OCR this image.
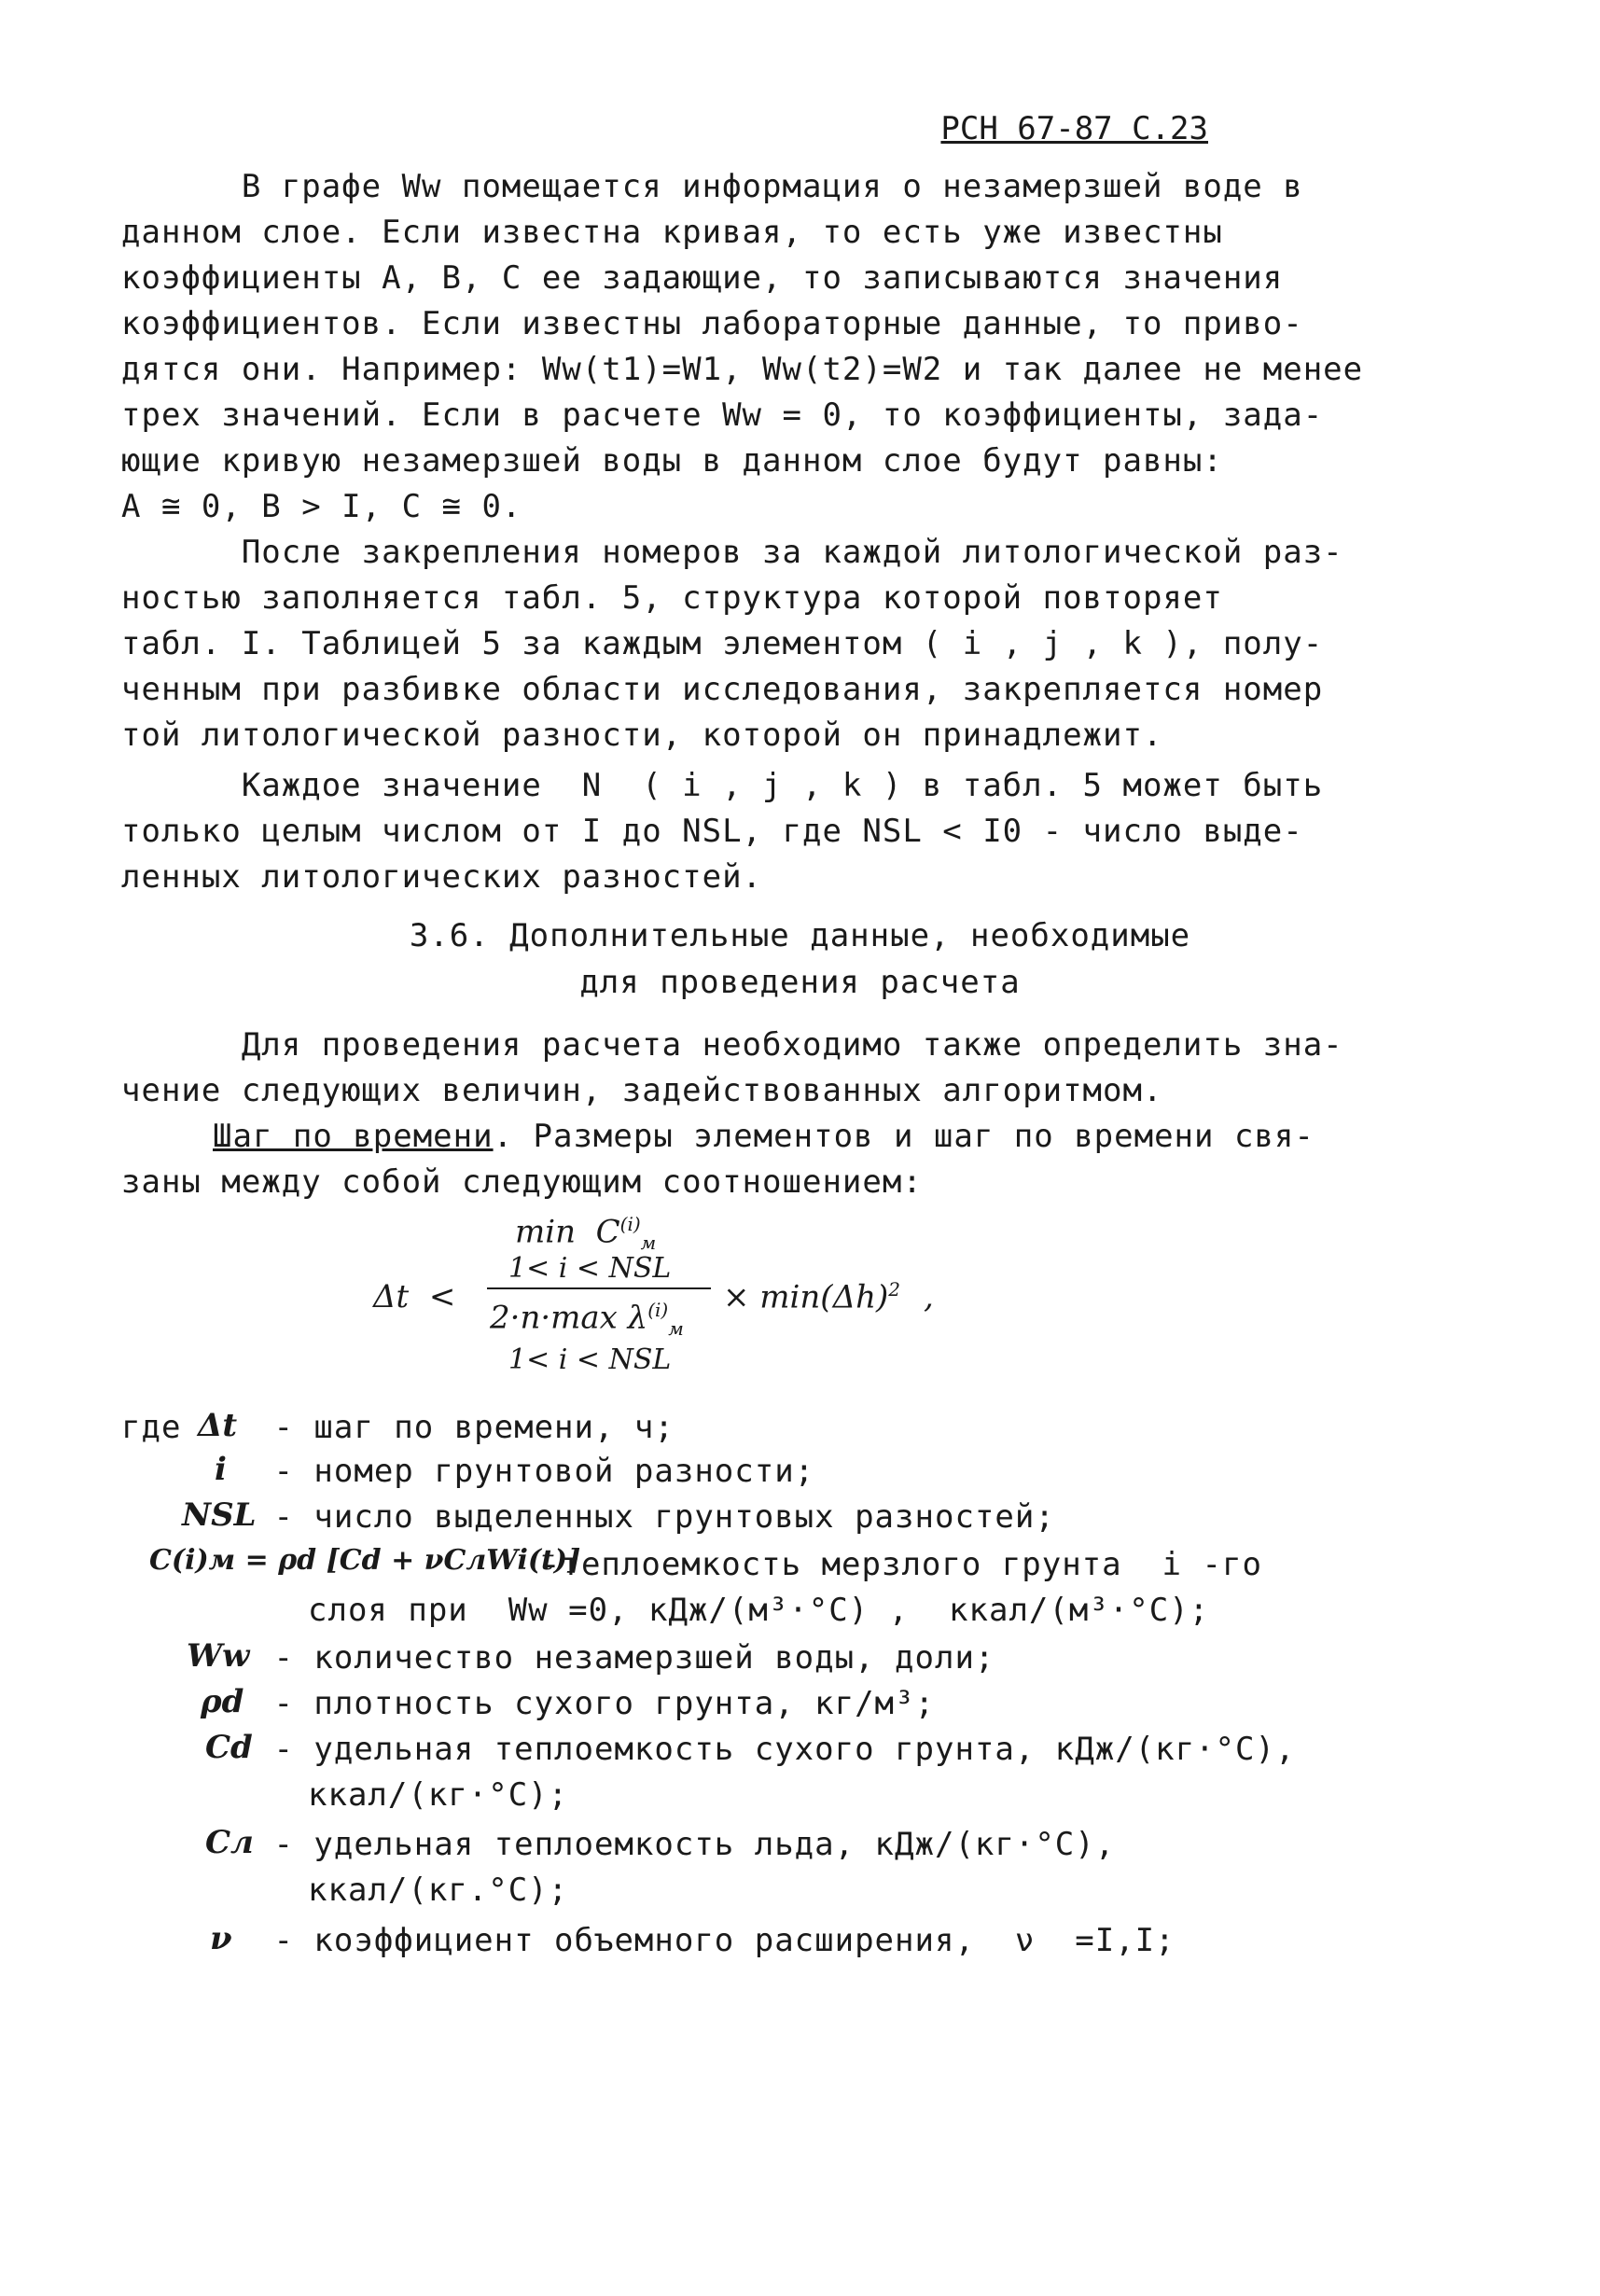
РСН 67-87 С.23
В графе Ww помещается информация о незамерзшей воде в
данном слое. Если известна кривая, то есть уже известны
коэффициенты А, В, С ее задающие, то записываются значения
коэффициентов. Если известны лабораторные данные, то приво-
дятся они. Например: Ww(t1)=W1, Ww(t2)=W2 и так далее не менее
трех значений. Если в расчете Ww = 0, то коэффициенты, зада-
ющие кривую незамерзшей воды в данном слое будут равны:
A ≅ 0, B > I, C ≅ 0.
После закрепления номеров за каждой литологической раз-
ностью заполняется табл. 5, структура которой повторяет
табл. I. Таблицей 5 за каждым элементом ( i , j , k ), полу-
ченным при разбивке области исследования, закрепляется номер
той литологической разности, которой он принадлежит.
Каждое значение  N  ( i , j , k ) в табл. 5 может быть
только целым числом от I до NSL, где NSL < I0 - число выде-
ленных литологических разностей.
3.6. Дополнительные данные, необходимые
для проведения расчета
Для проведения расчета необходимо также определить зна-
чение следующих величин, задействованных алгоритмом.
Шаг по времени. Размеры элементов и шаг по времени свя-
заны между собой следующим соотношением:
$\min C^{(i)}_м$
1< i < NSL
Δt  <
2·n·max $\lambda^{(i)}_м$
1< i < NSL
× $\min(\Delta h)^2$ ,
где
Δt - шаг по времени, ч;
i - номер грунтовой разности;
NSL
- число выделенных грунтовых разностей;
C(i)м = ρd [Cd + νCлWi(t)]
-теплоемкость мерзлого грунта  i -го
слоя при  Ww =0, кДж/(м³·°С) ,  ккал/(м³·°С);
Ww - количество незамерзшей воды, доли;
ρd - плотность сухого грунта, кг/м³;
Cd - удельная теплоемкость сухого грунта, кДж/(кг·°С),
ккал/(кг·°С);
Cл - удельная теплоемкость льда, кДж/(кг·°С),
ккал/(кг.°С);
ν - коэффициент объемного расширения,  ν  =I,I;
